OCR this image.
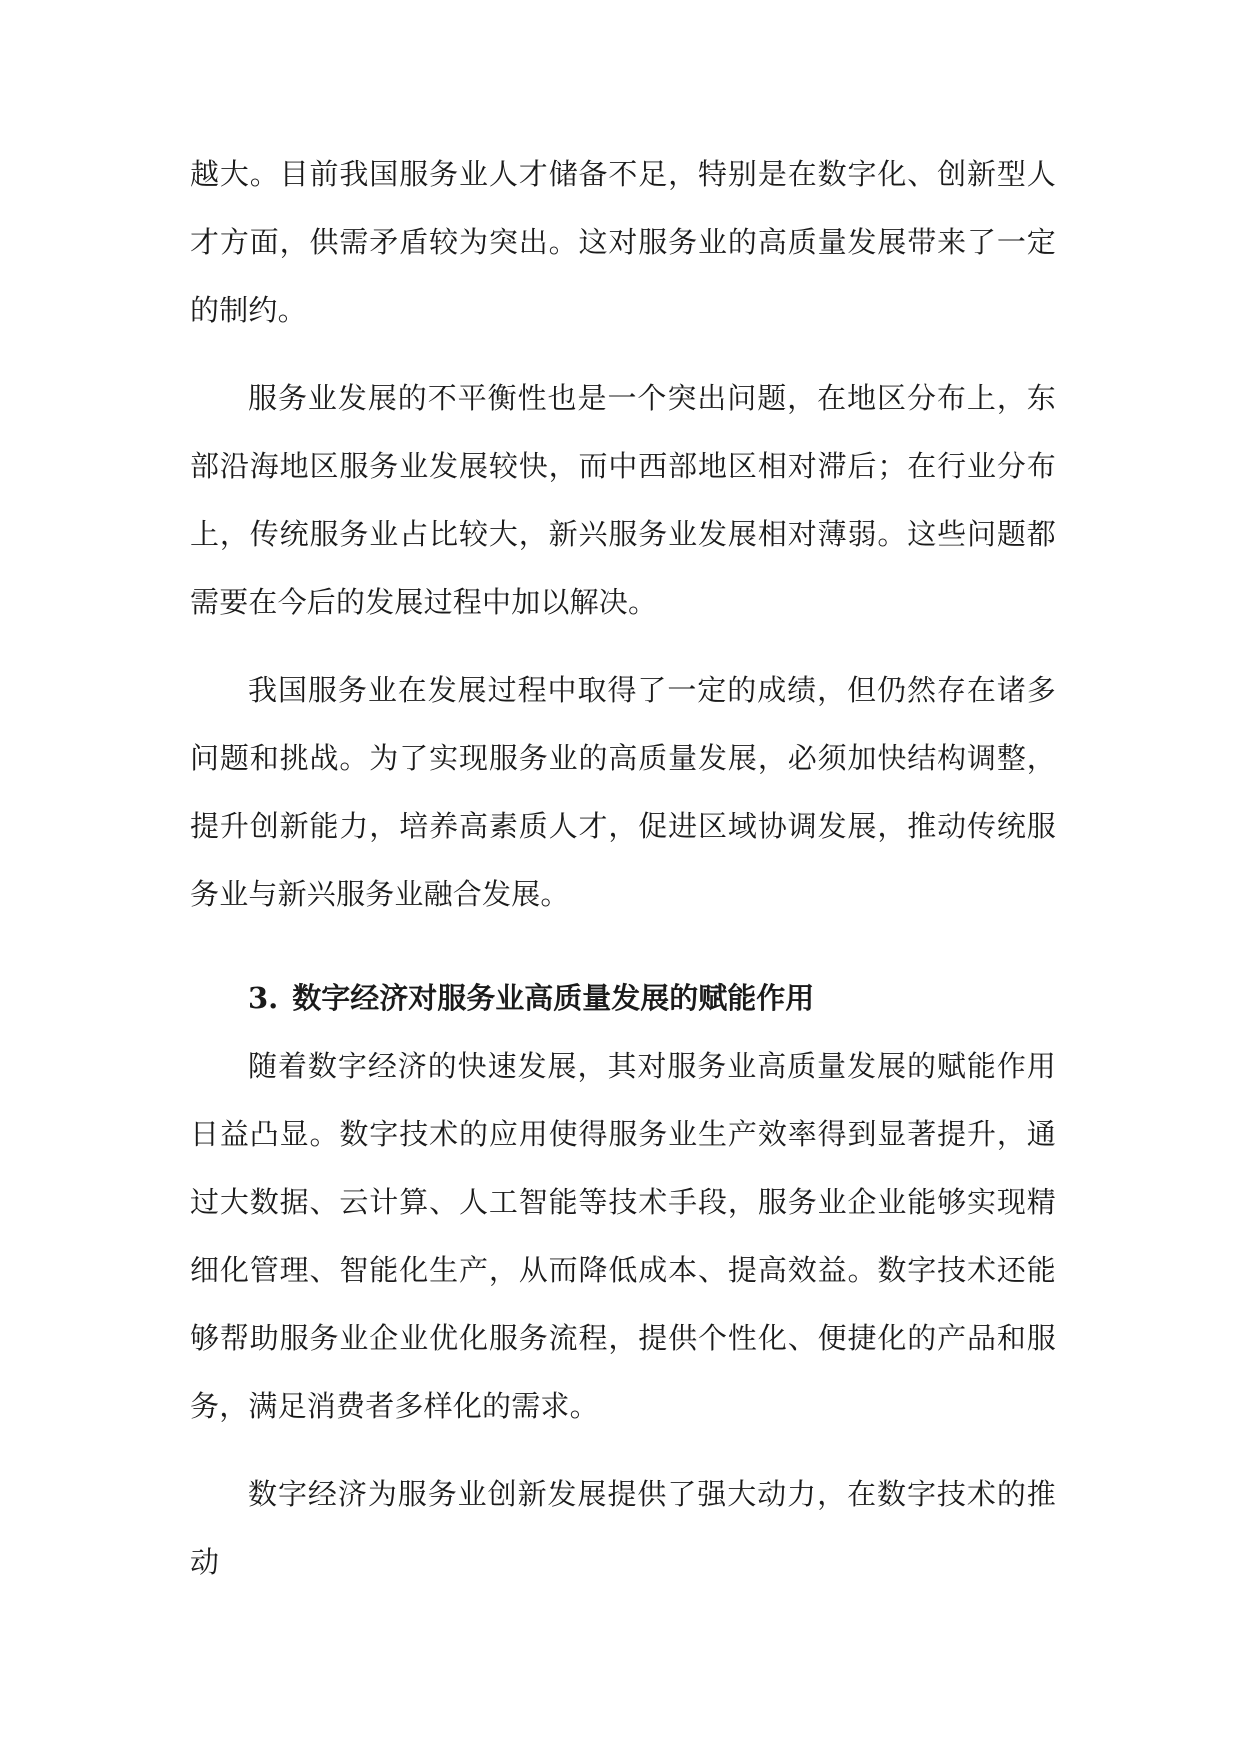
越大。目前我国服务业人才储备不足，特别是在数字化、创新型人才方面，供需矛盾较为突出。这对服务业的高质量发展带来了一定的制约。

服务业发展的不平衡性也是一个突出问题，在地区分布上，东部沿海地区服务业发展较快，而中西部地区相对滞后；在行业分布上，传统服务业占比较大，新兴服务业发展相对薄弱。这些问题都需要在今后的发展过程中加以解决。

我国服务业在发展过程中取得了一定的成绩，但仍然存在诸多问题和挑战。为了实现服务业的高质量发展，必须加快结构调整，提升创新能力，培养高素质人才，促进区域协调发展，推动传统服务业与新兴服务业融合发展。

3. 数字经济对服务业高质量发展的赋能作用

随着数字经济的快速发展，其对服务业高质量发展的赋能作用日益凸显。数字技术的应用使得服务业生产效率得到显著提升，通过大数据、云计算、人工智能等技术手段，服务业企业能够实现精细化管理、智能化生产，从而降低成本、提高效益。数字技术还能够帮助服务业企业优化服务流程，提供个性化、便捷化的产品和服务，满足消费者多样化的需求。

数字经济为服务业创新发展提供了强大动力，在数字技术的推动
